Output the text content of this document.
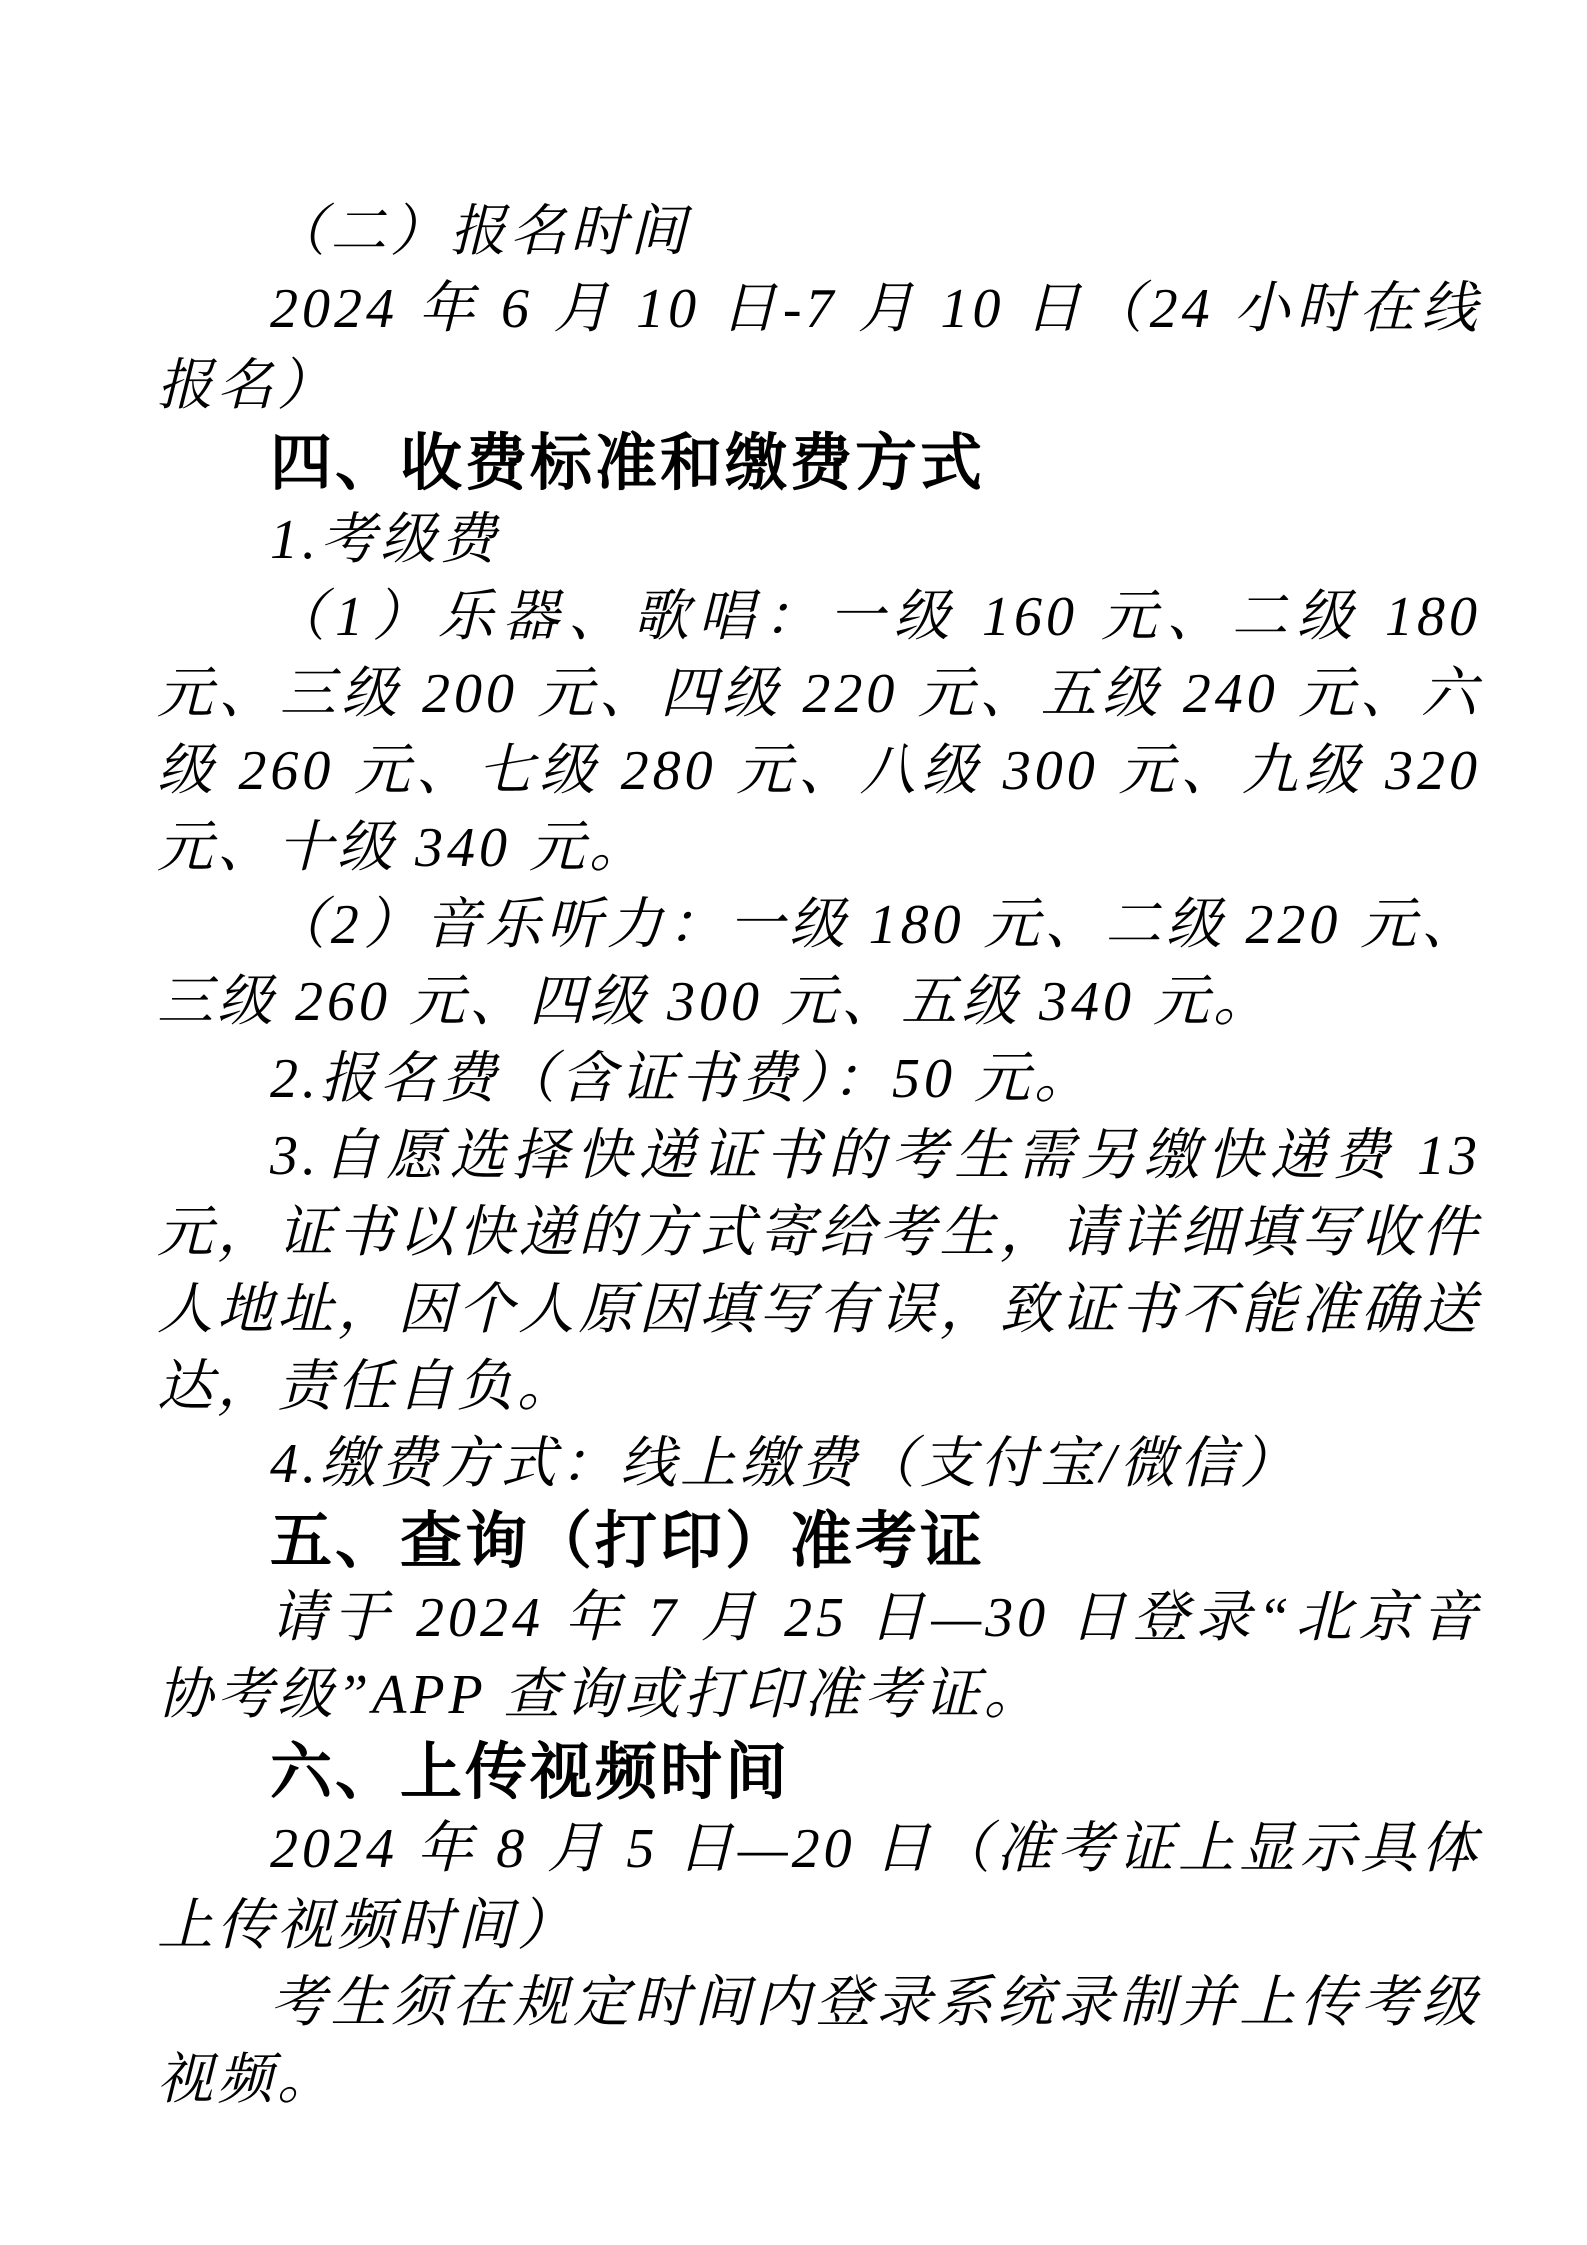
（二）报名时间

2024 年 6 月 10 日-7 月 10 日（24 小时在线报名）

四、收费标准和缴费方式

1.考级费

（1）乐器、歌唱：一级 160 元、二级 180 元、三级 200 元、四级 220 元、五级 240 元、六级 260 元、七级 280 元、八级 300 元、九级 320 元、十级 340 元。

（2）音乐听力：一级 180 元、二级 220 元、三级 260 元、四级 300 元、五级 340 元。

2.报名费（含证书费）：50 元。

3.自愿选择快递证书的考生需另缴快递费 13 元，证书以快递的方式寄给考生，请详细填写收件人地址，因个人原因填写有误，致证书不能准确送达，责任自负。

4.缴费方式：线上缴费（支付宝/微信）

五、查询（打印）准考证

请于 2024 年 7 月 25 日—30 日登录“北京音协考级”APP 查询或打印准考证。

六、上传视频时间

2024 年 8 月 5 日—20 日（准考证上显示具体上传视频时间）

考生须在规定时间内登录系统录制并上传考级视频。
